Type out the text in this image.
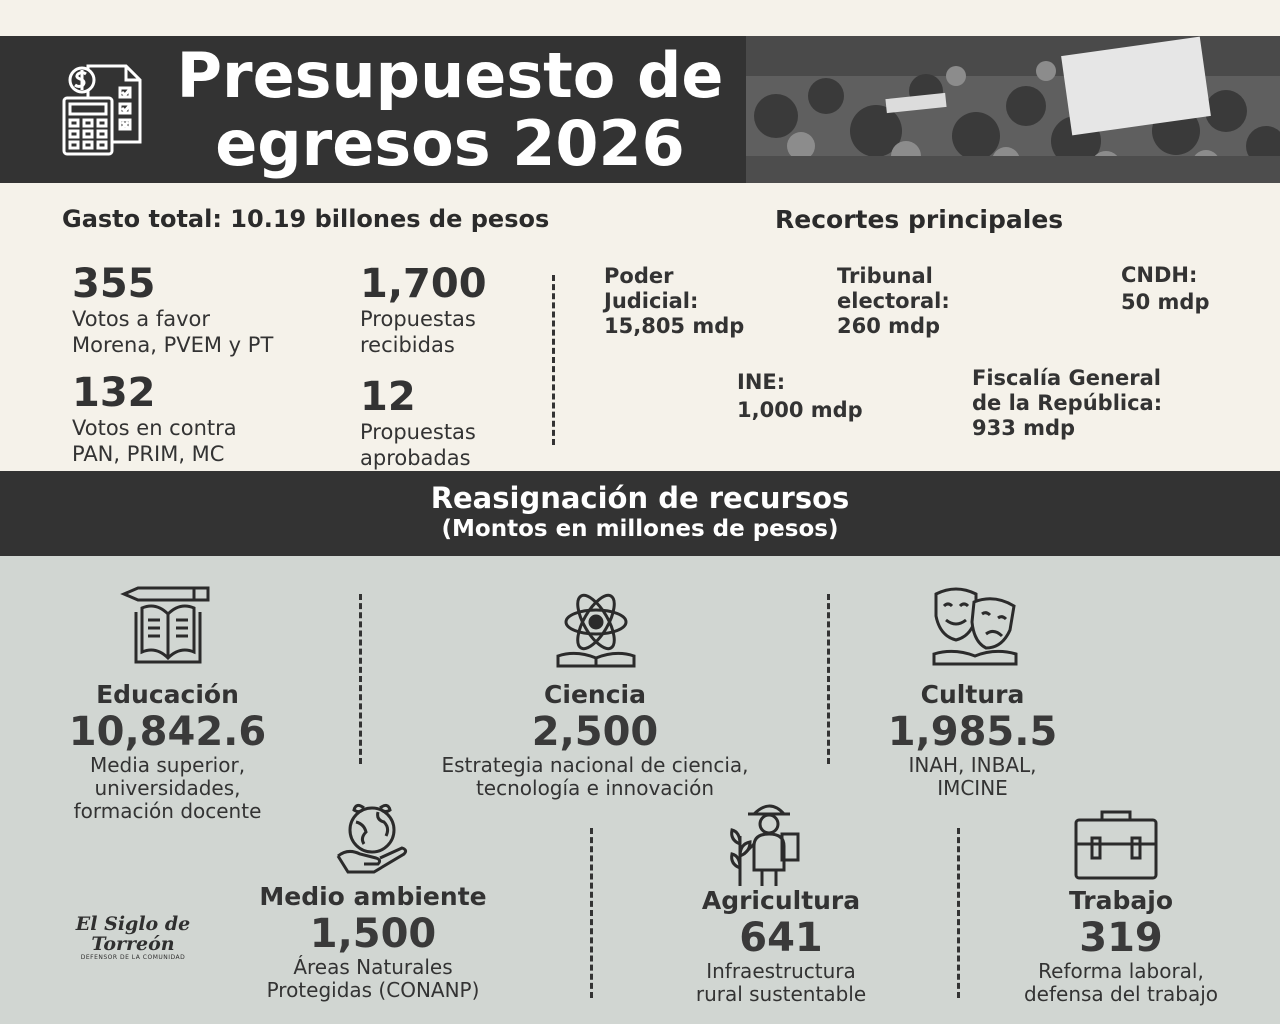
Presupuesto de
egresos 2026
Gasto total: 10.19 billones de pesos	Recortes principales
355
Votos a favor
Morena, PVEM y PT
132
Votos en contra
PAN, PRIM, MC
1,700
Propuestas
recibidas
12
Propuestas
aprobadas
Poder
Judicial:
15,805 mdp
Tribunal
electoral:
260 mdp
CNDH:
50 mdp
INE:
1,000 mdp
Fiscalía General
de la República:
933 mdp
Reasignación de recursos
(Montos en millones de pesos)
Educación
10,842.6
Media superior,
universidades,
formación docente
Ciencia
2,500
Estrategia nacional de ciencia,
tecnología e innovación
Cultura
1,985.5
INAH, INBAL,
IMCINE
Medio ambiente
1,500
Áreas Naturales
Protegidas (CONANP)
Agricultura
641
Infraestructura
rural sustentable
Trabajo
319
Reforma laboral,
defensa del trabajo
El Siglo de Torreón
DEFENSOR DE LA COMUNIDAD
